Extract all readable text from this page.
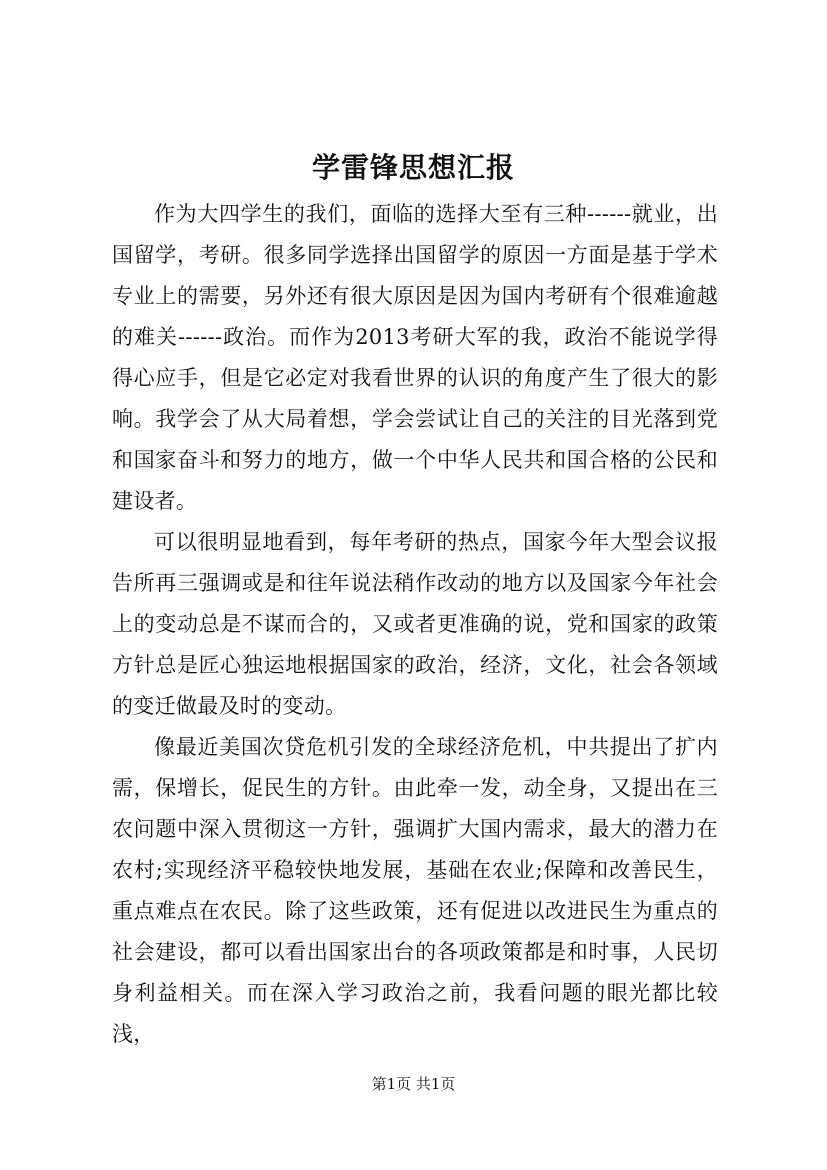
学雷锋思想汇报

作为大四学生的我们，面临的选择大至有三种------就业，出国留学，考研。很多同学选择出国留学的原因一方面是基于学术专业上的需要，另外还有很大原因是因为国内考研有个很难逾越的难关------政治。而作为2013考研大军的我，政治不能说学得得心应手，但是它必定对我看世界的认识的角度产生了很大的影响。我学会了从大局着想，学会尝试让自己的关注的目光落到党和国家奋斗和努力的地方，做一个中华人民共和国合格的公民和建设者。

可以很明显地看到，每年考研的热点，国家今年大型会议报告所再三强调或是和往年说法稍作改动的地方以及国家今年社会上的变动总是不谋而合的，又或者更准确的说，党和国家的政策方针总是匠心独运地根据国家的政治，经济，文化，社会各领域的变迁做最及时的变动。

像最近美国次贷危机引发的全球经济危机，中共提出了扩内需，保增长，促民生的方针。由此牵一发，动全身，又提出在三农问题中深入贯彻这一方针，强调扩大国内需求，最大的潜力在农村;实现经济平稳较快地发展，基础在农业;保障和改善民生，重点难点在农民。除了这些政策，还有促进以改进民生为重点的社会建设，都可以看出国家出台的各项政策都是和时事，人民切身利益相关。而在深入学习政治之前，我看问题的眼光都比较浅，

第1页 共1页
